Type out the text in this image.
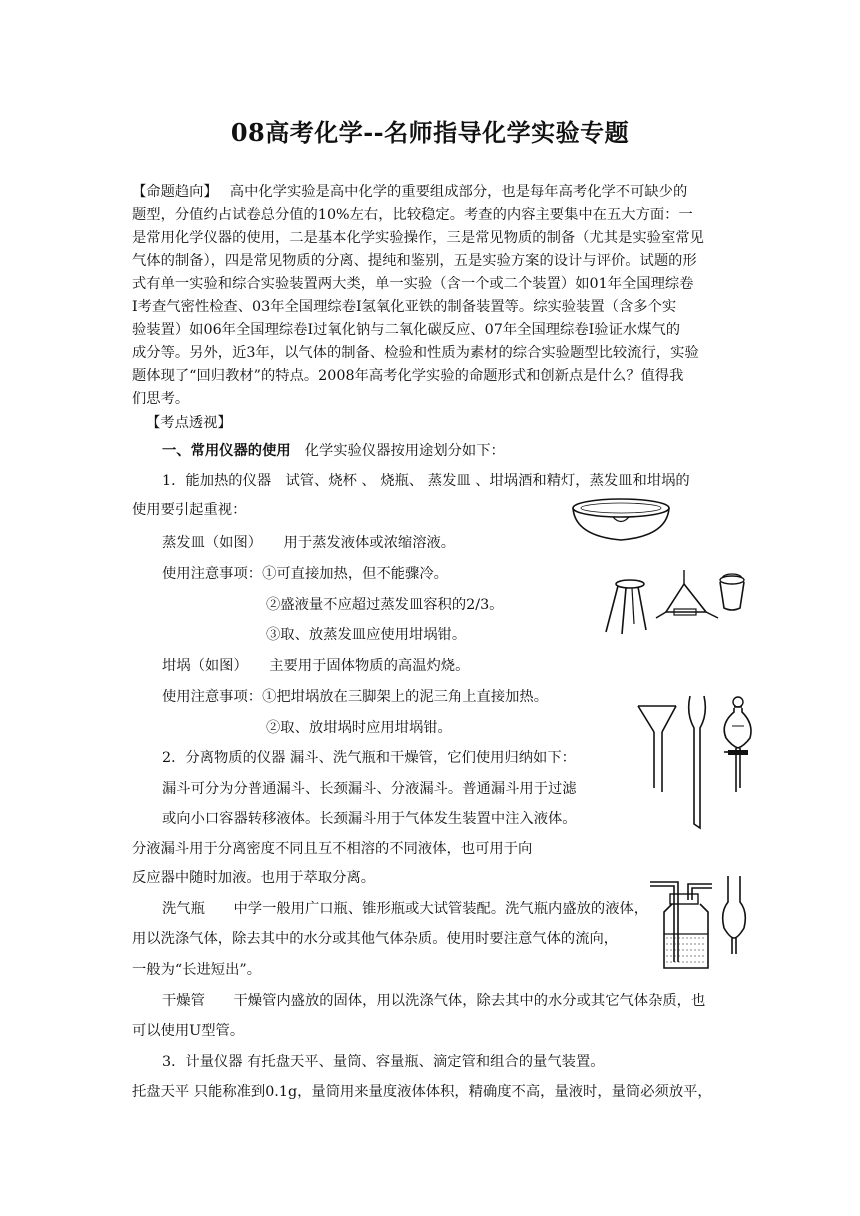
08高考化学--名师指导化学实验专题
【命题趋向】 高中化学实验是高中化学的重要组成部分，也是每年高考化学不可缺少的
题型，分值约占试卷总分值的10%左右，比较稳定。考查的内容主要集中在五大方面：一
是常用化学仪器的使用，二是基本化学实验操作，三是常见物质的制备（尤其是实验室常见
气体的制备），四是常见物质的分离、提纯和鉴别，五是实验方案的设计与评价。试题的形
式有单一实验和综合实验装置两大类，单一实验（含一个或二个装置）如01年全国理综卷
Ⅰ考查气密性检查、03年全国理综卷Ⅰ氢氧化亚铁的制备装置等。综实验装置（含多个实
验装置）如06年全国理综卷Ⅰ过氧化钠与二氧化碳反应、07年全国理综卷Ⅰ验证水煤气的
成分等。另外，近3年，以气体的制备、检验和性质为素材的综合实验题型比较流行，实验
题体现了“回归教材”的特点。2008年高考化学实验的命题形式和创新点是什么？值得我
们思考。
【考点透视】
一、常用仪器的使用 化学实验仪器按用途划分如下：
1．能加热的仪器　试管、烧杯 、 烧瓶、 蒸发皿 、坩埚酒和精灯，蒸发皿和坩埚的
使用要引起重视：
蒸发皿（如图）　　用于蒸发液体或浓缩溶液。
使用注意事项：①可直接加热，但不能骤冷。
②盛液量不应超过蒸发皿容积的2/3。
③取、放蒸发皿应使用坩埚钳。
坩埚（如图）　　主要用于固体物质的高温灼烧。
使用注意事项：①把坩埚放在三脚架上的泥三角上直接加热。
②取、放坩埚时应用坩埚钳。
2．分离物质的仪器 漏斗、洗气瓶和干燥管，它们使用归纳如下：
漏斗可分为分普通漏斗、长颈漏斗、分液漏斗。普通漏斗用于过滤
或向小口容器转移液体。长颈漏斗用于气体发生装置中注入液体。
分液漏斗用于分离密度不同且互不相溶的不同液体，也可用于向
反应器中随时加液。也用于萃取分离。
洗气瓶　　中学一般用广口瓶、锥形瓶或大试管装配。洗气瓶内盛放的液体，
用以洗涤气体，除去其中的水分或其他气体杂质。使用时要注意气体的流向，
一般为“长进短出”。
干燥管　　干燥管内盛放的固体，用以洗涤气体，除去其中的水分或其它气体杂质，也
可以使用U型管。
3．计量仪器 有托盘天平、量筒、容量瓶、滴定管和组合的量气装置。
托盘天平 只能称准到0.1g，量筒用来量度液体体积，精确度不高，量液时，量筒必须放平，
